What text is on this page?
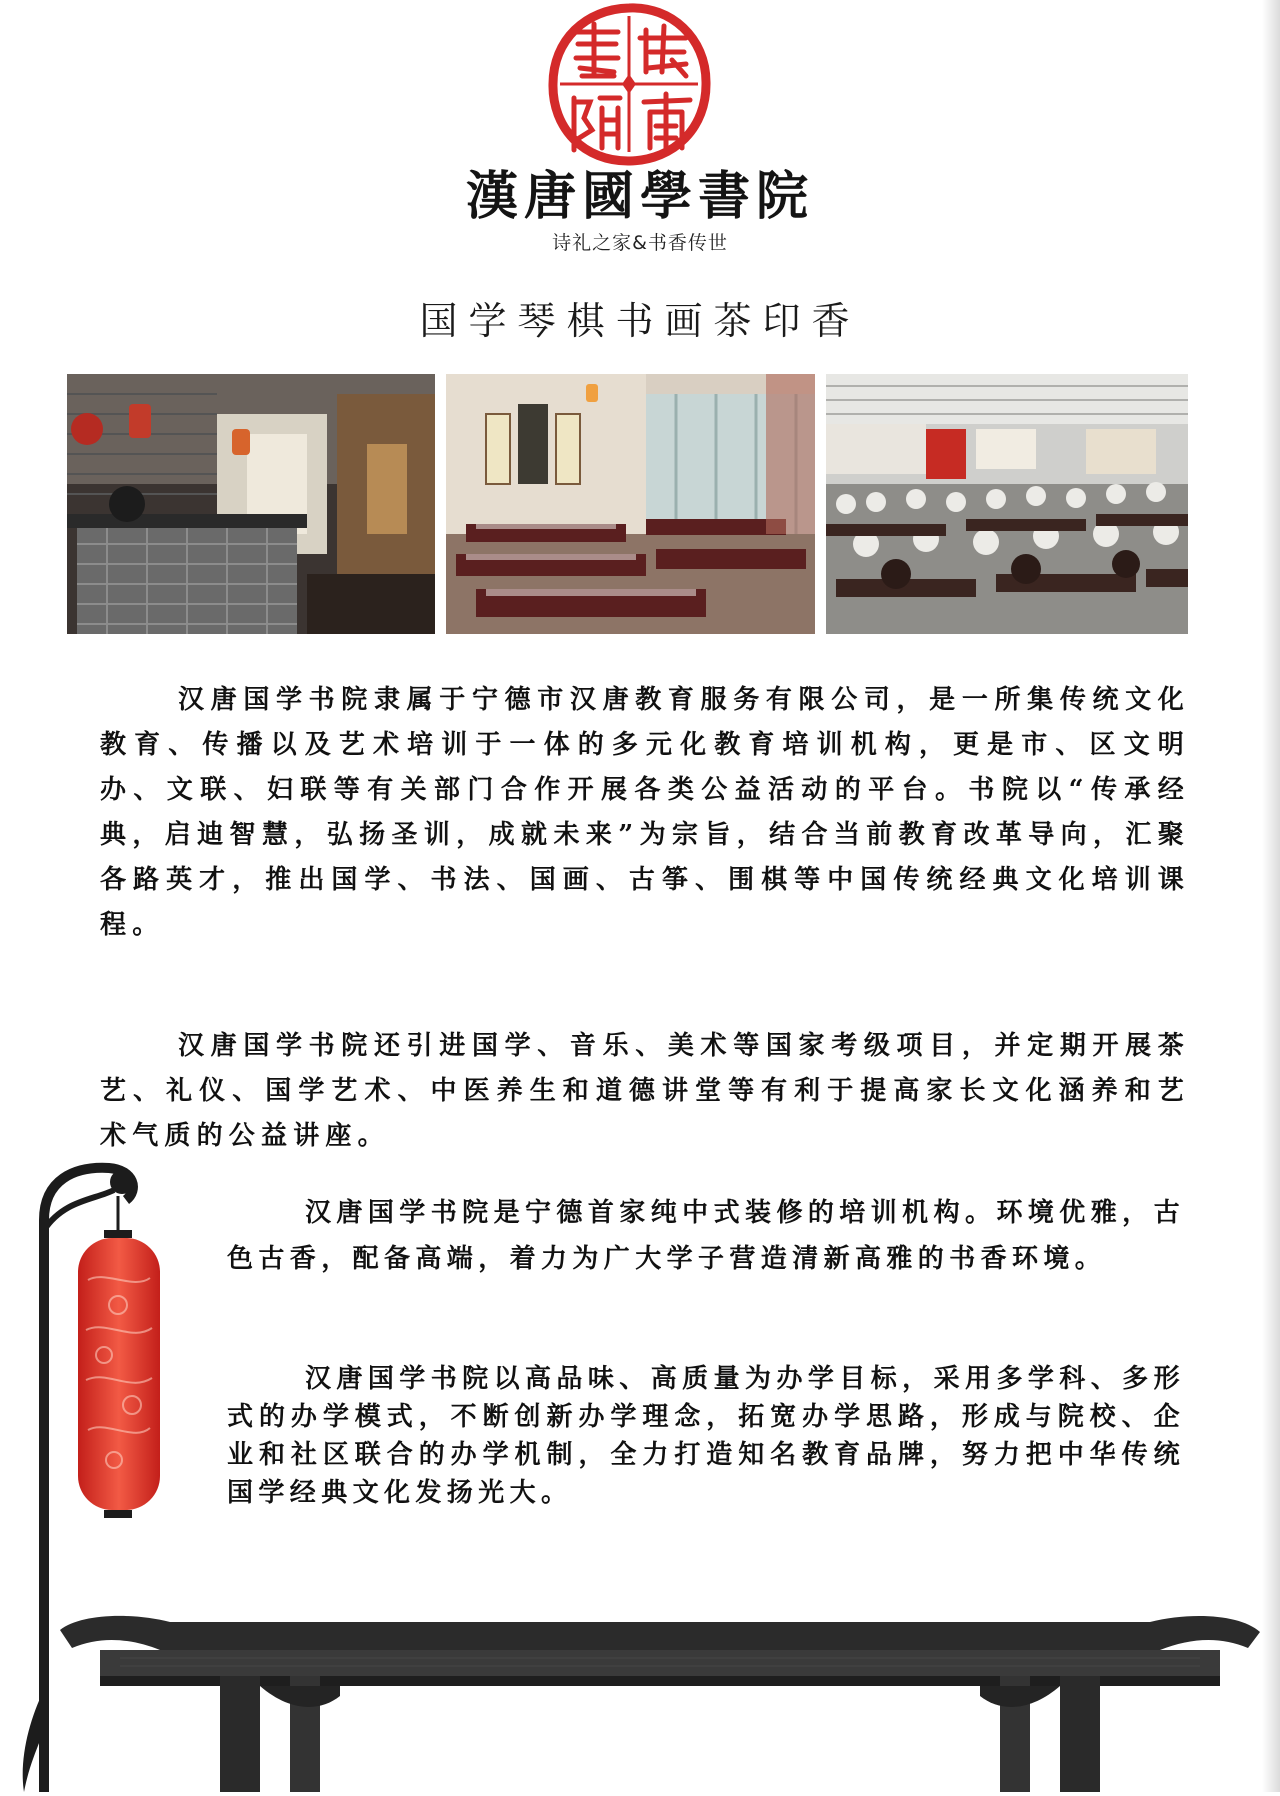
漢唐國學書院
诗礼之家&书香传世
国学琴棋书画茶印香

汉唐国学书院隶属于宁德市汉唐教育服务有限公司，是一所集传统文化教育、传播以及艺术培训于一体的多元化教育培训机构，更是市、区文明办、文联、妇联等有关部门合作开展各类公益活动的平台。书院以“传承经典，启迪智慧，弘扬圣训，成就未来”为宗旨，结合当前教育改革导向，汇聚各路英才，推出国学、书法、国画、古筝、围棋等中国传统经典文化培训课程。

汉唐国学书院还引进国学、音乐、美术等国家考级项目，并定期开展茶艺、礼仪、国学艺术、中医养生和道德讲堂等有利于提高家长文化涵养和艺术气质的公益讲座。

汉唐国学书院是宁德首家纯中式装修的培训机构。环境优雅，古色古香，配备高端，着力为广大学子营造清新高雅的书香环境。

汉唐国学书院以高品味、高质量为办学目标，采用多学科、多形式的办学模式，不断创新办学理念，拓宽办学思路，形成与院校、企业和社区联合的办学机制，全力打造知名教育品牌，努力把中华传统国学经典文化发扬光大。
